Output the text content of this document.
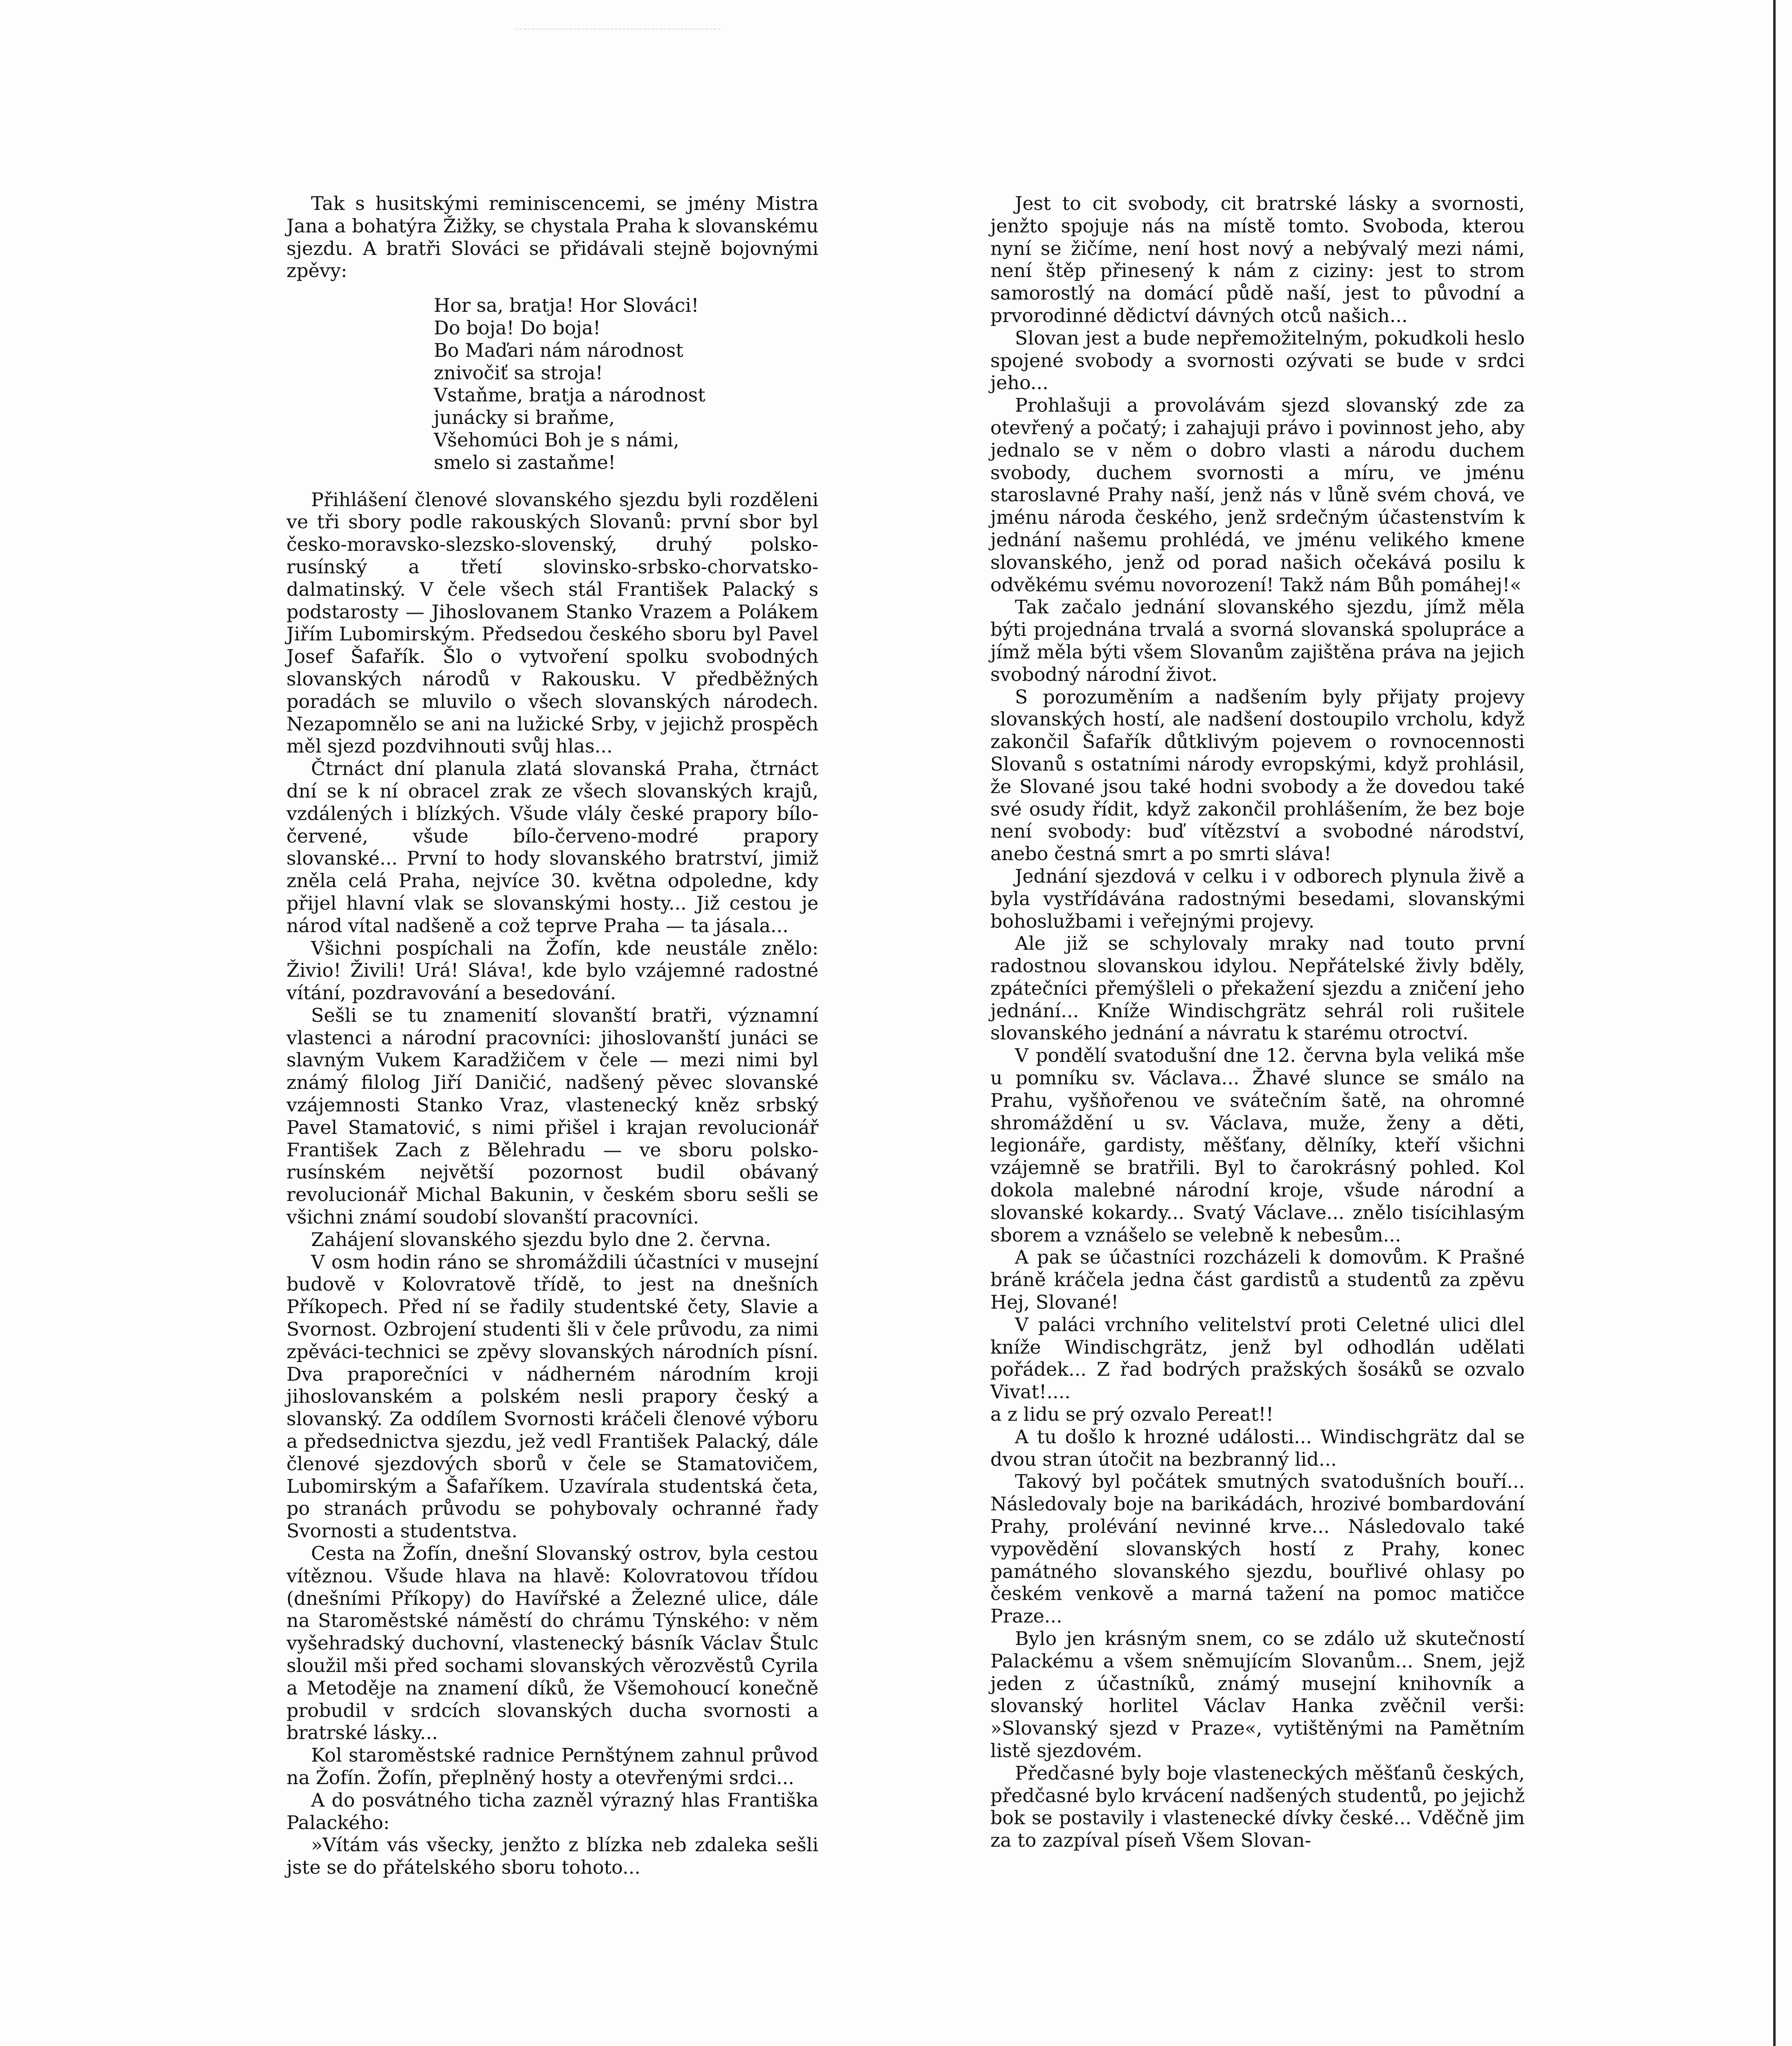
Tak s husitskými reminiscencemi, se jmény Mistra Jana a bohatýra Žižky, se chystala Praha k slovanskému sjezdu. A bratři Slováci se přidávali stejně bojovnými zpěvy:

Hor sa, bratja! Hor Slováci!
Do boja! Do boja!
Bo Maďari nám národnost
znivočiť sa stroja!
Vstaňme, bratja a národnost
junácky si braňme,
Všehomúci Boh je s námi,
smelo si zastaňme!

Přihlášení členové slovanského sjezdu byli rozděleni ve tři sbory podle rakouských Slovanů: první sbor byl česko-moravsko-slezsko-slovenský, druhý polsko-rusínský a třetí slovinsko-srbsko-chorvatsko-dalmatinský. V čele všech stál František Palacký s podstarosty — Jihoslovanem Stanko Vrazem a Polákem Jiřím Lubomirským. Předsedou českého sboru byl Pavel Josef Šafařík. Šlo o vytvoření spolku svobodných slovanských národů v Rakousku. V předběžných poradách se mluvilo o všech slovanských národech. Nezapomnělo se ani na lužické Srby, v jejichž prospěch měl sjezd pozdvihnouti svůj hlas...

Čtrnáct dní planula zlatá slovanská Praha, čtrnáct dní se k ní obracel zrak ze všech slovanských krajů, vzdálených i blízkých. Všude vlály české prapory bílo-červené, všude bílo-červeno-modré prapory slovanské... První to hody slovanského bratrství, jimiž zněla celá Praha, nejvíce 30. května odpoledne, kdy přijel hlavní vlak se slovanskými hosty... Již cestou je národ vítal nadšeně a což teprve Praha — ta jásala...

Všichni pospíchali na Žofín, kde neustále znělo: Živio! Živili! Urá! Sláva!, kde bylo vzájemné radostné vítání, pozdravování a besedování.

Sešli se tu znamenití slovanští bratři, významní vlastenci a národní pracovníci: jihoslovanští junáci se slavným Vukem Karadžičem v čele — mezi nimi byl známý filolog Jiří Daničić, nadšený pěvec slovanské vzájemnosti Stanko Vraz, vlastenecký kněz srbský Pavel Stamatović, s nimi přišel i krajan revolucionář František Zach z Bělehradu — ve sboru polsko-rusínském největší pozornost budil obávaný revolucionář Michal Bakunin, v českém sboru sešli se všichni známí soudobí slovanští pracovníci.

Zahájení slovanského sjezdu bylo dne 2. června.

V osm hodin ráno se shromáždili účastníci v musejní budově v Kolovratově třídě, to jest na dnešních Příkopech. Před ní se řadily studentské čety, Slavie a Svornost. Ozbrojení studenti šli v čele průvodu, za nimi zpěváci-technici se zpěvy slovanských národních písní. Dva praporečníci v nádherném národním kroji jihoslovanském a polském nesli prapory český a slovanský. Za oddílem Svornosti kráčeli členové výboru a předsednictva sjezdu, jež vedl František Palacký, dále členové sjezdových sborů v čele se Stamatovičem, Lubomirským a Šafaříkem. Uzavírala studentská četa, po stranách průvodu se pohybovaly ochranné řady Svornosti a studentstva.

Cesta na Žofín, dnešní Slovanský ostrov, byla cestou vítěznou. Všude hlava na hlavě: Kolovratovou třídou (dnešními Příkopy) do Havířské a Železné ulice, dále na Staroměstské náměstí do chrámu Týnského: v něm vyšehradský duchovní, vlastenecký básník Václav Štulc sloužil mši před sochami slovanských věrozvěstů Cyrila a Metoděje na znamení díků, že Všemohoucí konečně probudil v srdcích slovanských ducha svornosti a bratrské lásky...

Kol staroměstské radnice Pernštýnem zahnul průvod na Žofín. Žofín, přeplněný hosty a otevřenými srdci...

A do posvátného ticha zazněl výrazný hlas Františka Palackého:

»Vítám vás všecky, jenžto z blízka neb zdaleka sešli jste se do přátelského sboru tohoto...

Jest to cit svobody, cit bratrské lásky a svornosti, jenžto spojuje nás na místě tomto. Svoboda, kterou nyní se žičíme, není host nový a nebývalý mezi námi, není štěp přinesený k nám z ciziny: jest to strom samorostlý na domácí půdě naší, jest to původní a prvorodinné dědictví dávných otců našich...

Slovan jest a bude nepřemožitelným, pokudkoli heslo spojené svobody a svornosti ozývati se bude v srdci jeho...

Prohlašuji a provolávám sjezd slovanský zde za otevřený a počatý; i zahajuji právo i povinnost jeho, aby jednalo se v něm o dobro vlasti a národu duchem svobody, duchem svornosti a míru, ve jménu staroslavné Prahy naší, jenž nás v lůně svém chová, ve jménu národa českého, jenž srdečným účastenstvím k jednání našemu prohlédá, ve jménu velikého kmene slovanského, jenž od porad našich očekává posilu k odvěkému svému novorození! Takž nám Bůh pomáhej!«

Tak začalo jednání slovanského sjezdu, jímž měla býti projednána trvalá a svorná slovanská spolupráce a jímž měla býti všem Slovanům zajištěna práva na jejich svobodný národní život.

S porozuměním a nadšením byly přijaty projevy slovanských hostí, ale nadšení dostoupilo vrcholu, když zakončil Šafařík důtklivým pojevem o rovnocennosti Slovanů s ostatními národy evropskými, když prohlásil, že Slované jsou také hodni svobody a že dovedou také své osudy řídit, když zakončil prohlášením, že bez boje není svobody: buď vítězství a svobodné národství, anebo čestná smrt a po smrti sláva!

Jednání sjezdová v celku i v odborech plynula živě a byla vystřídávána radostnými besedami, slovanskými bohoslužbami i veřejnými projevy.

Ale již se schylovaly mraky nad touto první radostnou slovanskou idylou. Nepřátelské živly bděly, zpátečníci přemýšleli o překažení sjezdu a zničení jeho jednání... Kníže Windischgrätz sehrál roli rušitele slovanského jednání a návratu k starému otroctví.

V pondělí svatodušní dne 12. června byla veliká mše u pomníku sv. Václava... Žhavé slunce se smálo na Prahu, vyšňořenou ve svátečním šatě, na ohromné shromáždění u sv. Václava, muže, ženy a děti, legionáře, gardisty, měšťany, dělníky, kteří všichni vzájemně se bratřili. Byl to čarokrásný pohled. Kol dokola malebné národní kroje, všude národní a slovanské kokardy... Svatý Václave... znělo tisícihlasým sborem a vznášelo se velebně k nebesům...

A pak se účastníci rozcházeli k domovům. K Prašné bráně kráčela jedna část gardistů a studentů za zpěvu Hej, Slované!

V paláci vrchního velitelství proti Celetné ulici dlel kníže Windischgrätz, jenž byl odhodlán udělati pořádek... Z řad bodrých pražských šosáků se ozvalo Vivat!....

a z lidu se prý ozvalo Pereat!!

A tu došlo k hrozné události... Windischgrätz dal se dvou stran útočit na bezbranný lid...

Takový byl počátek smutných svatodušních bouří... Následovaly boje na barikádách, hrozivé bombardování Prahy, prolévání nevinné krve... Následovalo také vypovědění slovanských hostí z Prahy, konec památného slovanského sjezdu, bouřlivé ohlasy po českém venkově a marná tažení na pomoc matičce Praze...

Bylo jen krásným snem, co se zdálo už skutečností Palackému a všem sněmujícím Slovanům... Snem, jejž jeden z účastníků, známý musejní knihovník a slovanský horlitel Václav Hanka zvěčnil verši: »Slovanský sjezd v Praze«, vytištěnými na Pamětním listě sjezdovém.

Předčasné byly boje vlasteneckých měšťanů českých, předčasné bylo krvácení nadšených studentů, po jejichž bok se postavily i vlastenecké dívky české... Vděčně jim za to zazpíval píseň Všem Slovan-
